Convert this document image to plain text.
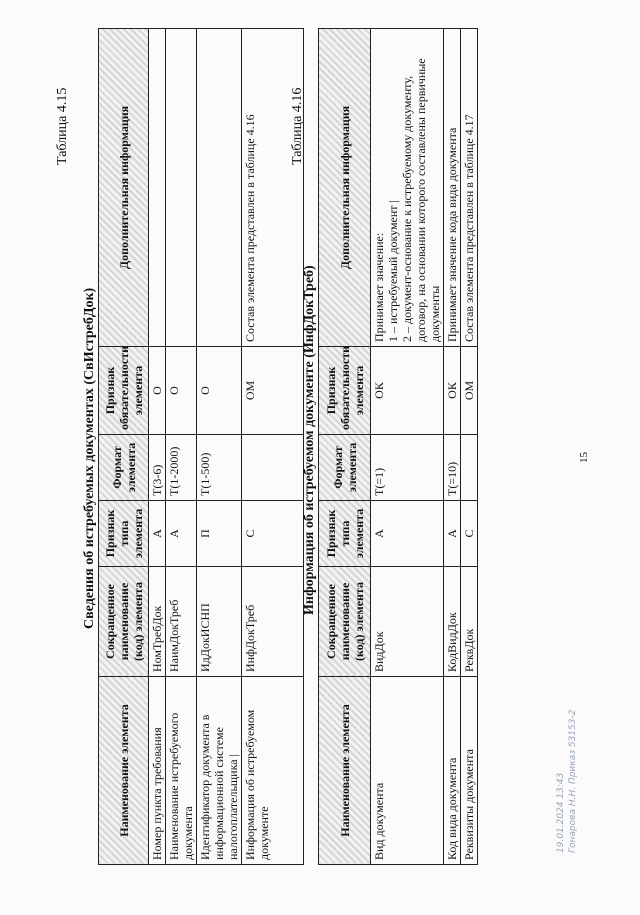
15
Таблица 4.15
Сведения об истребуемых документах (СвИстребДок)
Наименование элемента	Сокращенное наименование (код) элемента	Признак типа элемента	Формат элемента	Признак обязательности элемента	Дополнительная информация
Номер пункта требования	НомТребДок	А	T(3-6)	О	
Наименование истребуемого документа	НаимДокТреб	А	T(1-2000)	О	
Идентификатор документа в информационной системе налогоплательщика |	ИдДокИСНП	П	T(1-500)	О	
Информация об истребуемом документе	ИнфДокТреб	С		ОМ	Состав элемента представлен в таблице 4.16 Таблица 4.16
Информация об истребуемом документе (ИнфДокТреб)
Наименование элемента	Сокращенное наименование (код) элемента	Признак типа элемента	Формат элемента	Признак обязательности элемента	Дополнительная информация
Вид документа	ВидДок	А	T(=1)	ОК	Принимает значение:
1 – истребуемый документ |
2 – документ-основание к истребуемому документу, договор, на основании которого составлены первичные документы
Код вида документа	КодВидДок	А	T(=10)	ОК	Принимает значение кода вида документа
Реквизиты документа	РеквДок	С		ОМ	Состав элемента представлен в таблице 4.17
19.01.2024 13:43 Гонарова Н.Н. Приказ 53153-2
